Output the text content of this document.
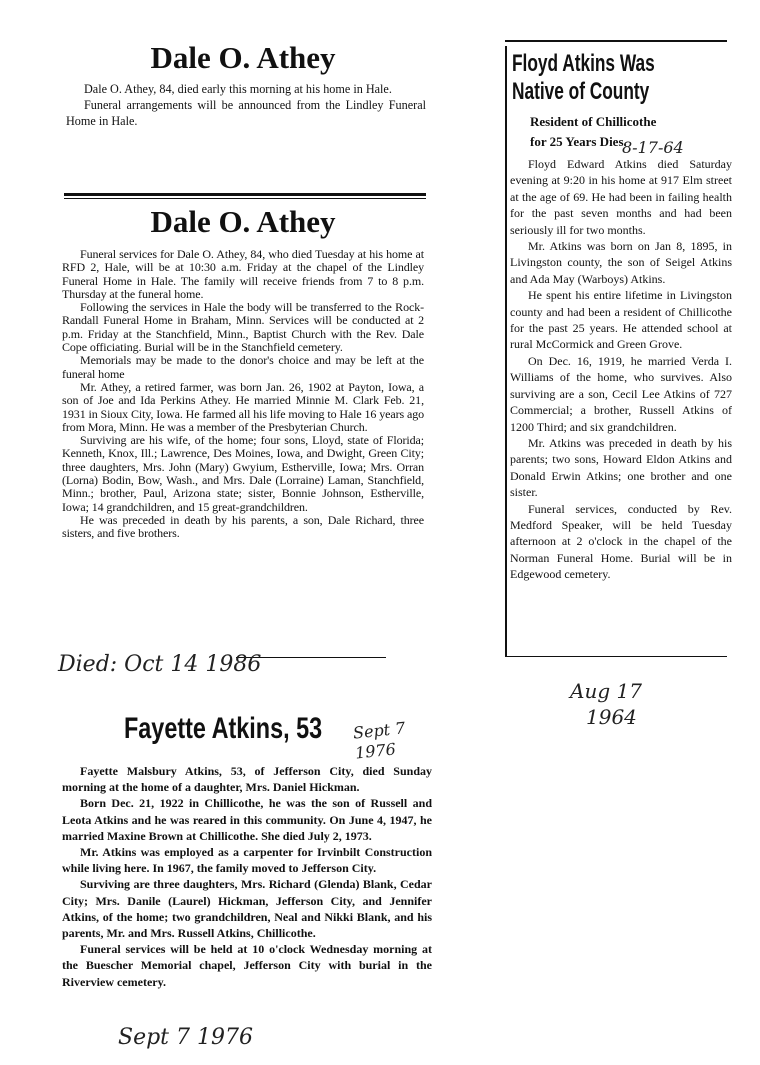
Dale O. Athey

Dale O. Athey, 84, died early this morning at his home in Hale.

Funeral arrangements will be announced from the Lindley Funeral Home in Hale.

Dale O. Athey

Funeral services for Dale O. Athey, 84, who died Tuesday at his home at RFD 2, Hale, will be at 10:30 a.m. Friday at the chapel of the Lindley Funeral Home in Hale. The family will receive friends from 7 to 8 p.m. Thursday at the funeral home.

Following the services in Hale the body will be transferred to the Rock-Randall Funeral Home in Braham, Minn. Services will be conducted at 2 p.m. Friday at the Stanchfield, Minn., Baptist Church with the Rev. Dale Cope officiating. Burial will be in the Stanchfield cemetery.

Memorials may be made to the donor's choice and may be left at the funeral home

Mr. Athey, a retired farmer, was born Jan. 26, 1902 at Payton, Iowa, a son of Joe and Ida Perkins Athey. He married Minnie M. Clark Feb. 21, 1931 in Sioux City, Iowa. He farmed all his life moving to Hale 16 years ago from Mora, Minn. He was a member of the Presbyterian Church.

Surviving are his wife, of the home; four sons, Lloyd, state of Florida; Kenneth, Knox, Ill.; Lawrence, Des Moines, Iowa, and Dwight, Green City; three daughters, Mrs. John (Mary) Gwyium, Estherville, Iowa; Mrs. Orran (Lorna) Bodin, Bow, Wash., and Mrs. Dale (Lorraine) Laman, Stanchfield, Minn.; brother, Paul, Arizona state; sister, Bonnie Johnson, Estherville, Iowa; 14 grandchildren, and 15 great-grandchildren.

He was preceded in death by his parents, a son, Dale Richard, three sisters, and five brothers.

Died: Oct 14 1986
Fayette Atkins, 53 Sept 7 1976

Fayette Malsbury Atkins, 53, of Jefferson City, died Sunday morning at the home of a daughter, Mrs. Daniel Hickman.

Born Dec. 21, 1922 in Chillicothe, he was the son of Russell and Leota Atkins and he was reared in this community. On June 4, 1947, he married Maxine Brown at Chillicothe. She died July 2, 1973.

Mr. Atkins was employed as a carpenter for Irvinbilt Construction while living here. In 1967, the family moved to Jefferson City.

Surviving are three daughters, Mrs. Richard (Glenda) Blank, Cedar City; Mrs. Danile (Laurel) Hickman, Jefferson City, and Jennifer Atkins, of the home; two grandchildren, Neal and Nikki Blank, and his parents, Mr. and Mrs. Russell Atkins, Chillicothe.

Funeral services will be held at 10 o'clock Wednesday morning at the Buescher Memorial chapel, Jefferson City with burial in the Riverview cemetery.

Sept 7 1976
Floyd Atkins Was
Native of County
Resident of Chillicothe
for 25 Years Dies.
8-17-64

Floyd Edward Atkins died Saturday evening at 9:20 in his home at 917 Elm street at the age of 69. He had been in failing health for the past seven months and had been seriously ill for two months.

Mr. Atkins was born on Jan 8, 1895, in Livingston county, the son of Seigel Atkins and Ada May (Warboys) Atkins.

He spent his entire lifetime in Livingston county and had been a resident of Chillicothe for the past 25 years. He attended school at rural McCormick and Green Grove.

On Dec. 16, 1919, he married Verda I. Williams of the home, who survives. Also surviving are a son, Cecil Lee Atkins of 727 Commercial; a brother, Russell Atkins of 1200 Third; and six grandchildren.

Mr. Atkins was preceded in death by his parents; two sons, Howard Eldon Atkins and Donald Erwin Atkins; one brother and one sister.

Funeral services, conducted by Rev. Medford Speaker, will be held Tuesday afternoon at 2 o'clock in the chapel of the Norman Funeral Home. Burial will be in Edgewood cemetery.

Aug 17
1964
